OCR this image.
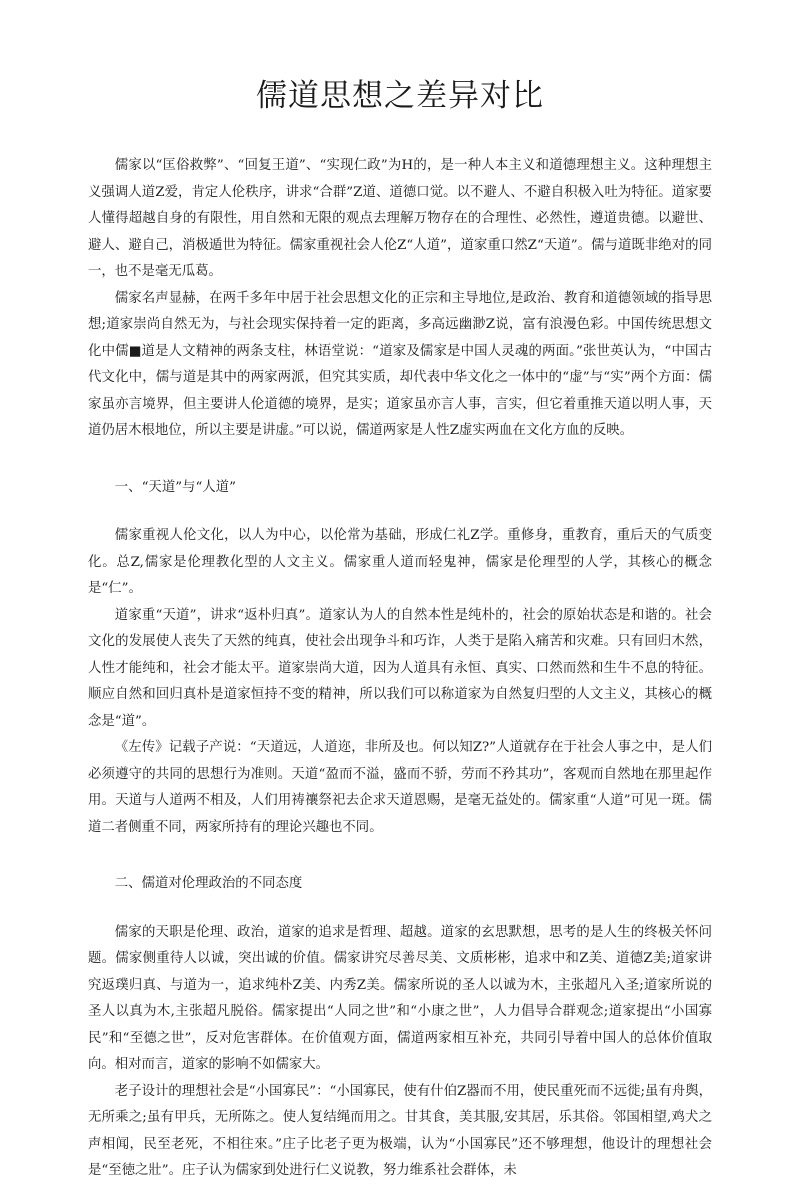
儒道思想之差异对比

儒家以“匡俗救弊”、“回复王道”、“实现仁政”为H的，是一种人本主义和道德理想主义。这种理想主义强调人道Z爱，肯定人伦秩序，讲求“合群”Z道、道德口觉。以不避人、不避自积极入吐为特征。道家要人懂得超越自身的有限性，用自然和无限的观点去理解万物存在的合理性、必然性，遵道贵德。以避世、避人、避自己，消极遁世为特征。儒家重视社会人伦Z“人道”，道家重口然Z“天道”。儒与道既非绝对的同一，也不是毫无瓜葛。

儒家名声显赫，在两千多年中居于社会思想文化的正宗和主导地位,是政治、教育和道德领域的指导思想;道家崇尚自然无为，与社会现实保持着一定的距离，多高远幽渺Z说，富有浪漫色彩。中国传统思想文化中儒■道是人文精神的两条支柱，林语堂说：“道家及儒家是中国人灵魂的两面。”张世英认为，“中国古代文化中，儒与道是其中的两家两派，但究其实质，却代表中华文化之一体中的“虚”与“实”两个方面：儒家虽亦言境界，但主要讲人伦道德的境界，是实；道家虽亦言人事，言实，但它着重推天道以明人事，天道仍居木根地位，所以主要是讲虚。”可以说，儒道两家是人性Z虚实两血在文化方血的反映。

一、“天道”与“人道”

儒家重视人伦文化，以人为中心，以伦常为基础，形成仁礼Z学。重修身，重教育，重后天的气质变化。总Z,儒家是伦理教化型的人文主义。儒家重人道而轻鬼神，儒家是伦理型的人学，其核心的概念是“仁”。

道家重“天道”，讲求“返朴归真”。道家认为人的自然本性是纯朴的，社会的原始状态是和谐的。社会文化的发展使人丧失了天然的纯真，使社会出现争斗和巧诈，人类于是陷入痛苦和灾难。只有回归木然，人性才能纯和，社会才能太平。道家崇尚大道，因为人道具有永恒、真实、口然而然和生牛不息的特征。顺应自然和回归真朴是道家恒持不变的精神，所以我们可以称道家为自然复归型的人文主义，其核心的概念是“道”。

《左传》记载子产说：“天道远，人道迩，非所及也。何以知Z?”人道就存在于社会人事之中，是人们必须遵守的共同的思想行为准则。天道“盈而不溢，盛而不骄，劳而不矜其功”，客观而自然地在那里起作用。天道与人道两不相及，人们用祷禳祭祀去企求天道恩赐，是毫无益处的。儒家重“人道”可见一斑。儒道二者侧重不同，两家所持有的理论兴趣也不同。

二、儒道对伦理政治的不同态度

儒家的天职是伦理、政治，道家的追求是哲理、超越。道家的玄思默想，思考的是人生的终极关怀问题。儒家侧重待人以诚，突出诚的价值。儒家讲究尽善尽美、文质彬彬，追求中和Z美、道德Z美;道家讲究返璞归真、与道为一，追求纯朴Z美、内秀Z美。儒家所说的圣人以诚为木，主张超凡入圣;道家所说的圣人以真为木,主张超凡脱俗。儒家提出“人同之世”和“小康之世”，人力倡导合群观念;道家提出“小国寡民”和“至德之世”，反对危害群体。在价值观方面，儒道两家相互补充，共同引导着中国人的总体价值取向。相对而言，道家的影响不如儒家大。

老子设计的理想社会是“小国寡民”：“小国寡民，使有什伯Z器而不用，使民重死而不远徙;虽有舟舆，无所乘之;虽有甲兵，无所陈之。使人复结绳而用之。甘其食，美其服,安其居，乐其俗。邻国相望,鸡犬之声相闻，民至老死，不相往來。”庄子比老子更为极端，认为“小国寡民”还不够理想，他设计的理想社会是“至徳之壯”。庄子认为儒家到处进行仁义说教，努力维系社会群体，未
